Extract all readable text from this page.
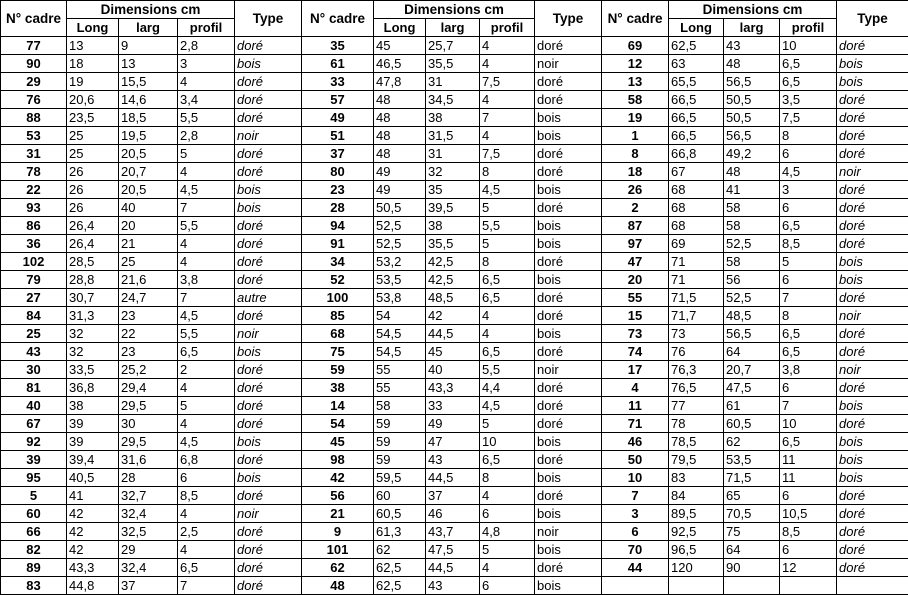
N° cadre	Dimensions cm			Type	N° cadre	Dimensions cm			Type	N° cadre	Dimensions cm			Type
	Long	larg	profil			Long	larg	profil			Long	larg	profil	
77	13	9	2,8	doré	35	45	25,7	4	doré	69	62,5	43	10	doré
90	18	13	3	bois	61	46,5	35,5	4	noir	12	63	48	6,5	bois
29	19	15,5	4	doré	33	47,8	31	7,5	doré	13	65,5	56,5	6,5	bois
76	20,6	14,6	3,4	doré	57	48	34,5	4	doré	58	66,5	50,5	3,5	doré
88	23,5	18,5	5,5	doré	49	48	38	7	bois	19	66,5	50,5	7,5	doré
53	25	19,5	2,8	noir	51	48	31,5	4	bois	1	66,5	56,5	8	doré
31	25	20,5	5	doré	37	48	31	7,5	doré	8	66,8	49,2	6	doré
78	26	20,7	4	doré	80	49	32	8	doré	18	67	48	4,5	noir
22	26	20,5	4,5	bois	23	49	35	4,5	bois	26	68	41	3	doré
93	26	40	7	bois	28	50,5	39,5	5	doré	2	68	58	6	doré
86	26,4	20	5,5	doré	94	52,5	38	5,5	bois	87	68	58	6,5	doré
36	26,4	21	4	doré	91	52,5	35,5	5	bois	97	69	52,5	8,5	doré
102	28,5	25	4	doré	34	53,2	42,5	8	doré	47	71	58	5	bois
79	28,8	21,6	3,8	doré	52	53,5	42,5	6,5	bois	20	71	56	6	bois
27	30,7	24,7	7	autre	100	53,8	48,5	6,5	doré	55	71,5	52,5	7	doré
84	31,3	23	4,5	doré	85	54	42	4	doré	15	71,7	48,5	8	noir
25	32	22	5,5	noir	68	54,5	44,5	4	bois	73	73	56,5	6,5	doré
43	32	23	6,5	bois	75	54,5	45	6,5	doré	74	76	64	6,5	doré
30	33,5	25,2	2	doré	59	55	40	5,5	noir	17	76,3	20,7	3,8	noir
81	36,8	29,4	4	doré	38	55	43,3	4,4	doré	4	76,5	47,5	6	doré
40	38	29,5	5	doré	14	58	33	4,5	doré	11	77	61	7	bois
67	39	30	4	doré	54	59	49	5	doré	71	78	60,5	10	doré
92	39	29,5	4,5	bois	45	59	47	10	bois	46	78,5	62	6,5	bois
39	39,4	31,6	6,8	doré	98	59	43	6,5	doré	50	79,5	53,5	11	bois
95	40,5	28	6	bois	42	59,5	44,5	8	bois	10	83	71,5	11	bois
5	41	32,7	8,5	doré	56	60	37	4	doré	7	84	65	6	doré
60	42	32,4	4	noir	21	60,5	46	6	bois	3	89,5	70,5	10,5	doré
66	42	32,5	2,5	doré	9	61,3	43,7	4,8	noir	6	92,5	75	8,5	doré
82	42	29	4	doré	101	62	47,5	5	bois	70	96,5	64	6	doré
89	43,3	32,4	6,5	doré	62	62,5	44,5	4	doré	44	120	90	12	doré
83	44,8	37	7	doré	48	62,5	43	6	bois					
